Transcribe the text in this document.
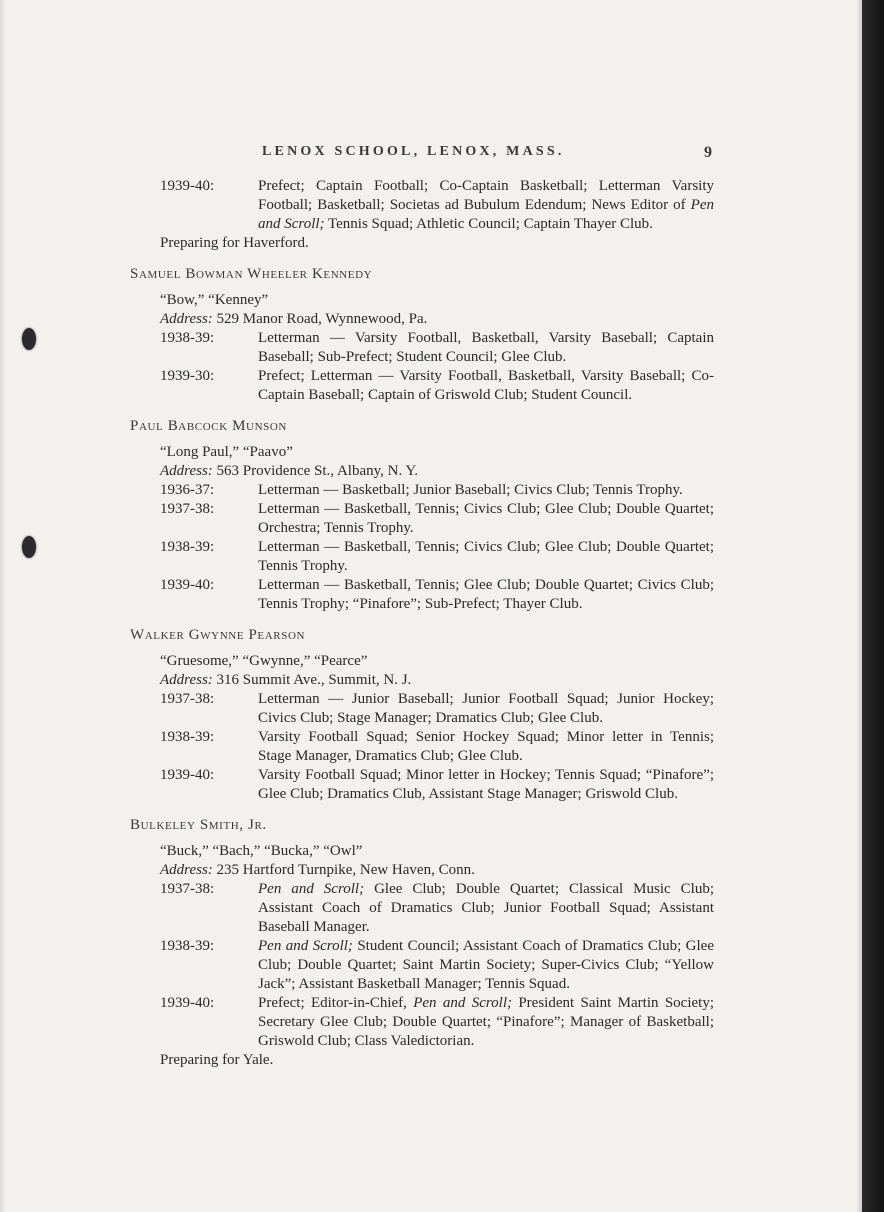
LENOX SCHOOL, LENOX, MASS.	9
1939-40:	Prefect; Captain Football; Co-Captain Basketball; Letterman Varsity Football; Basketball; Societas ad Bubulum Edendum; News Editor of Pen and Scroll; Tennis Squad; Athletic Council; Captain Thayer Club.
Preparing for Haverford.
Samuel Bowman Wheeler Kennedy
“Bow,” “Kenney”
Address: 529 Manor Road, Wynnewood, Pa.
1938-39:	Letterman — Varsity Football, Basketball, Varsity Baseball; Captain Baseball; Sub-Prefect; Student Council; Glee Club.
1939-30:	Prefect; Letterman — Varsity Football, Basketball, Varsity Baseball; Co-Captain Baseball; Captain of Griswold Club; Student Council.
Paul Babcock Munson
“Long Paul,” “Paavo”
Address: 563 Providence St., Albany, N. Y.
1936-37:	Letterman — Basketball; Junior Baseball; Civics Club; Tennis Trophy.
1937-38:	Letterman — Basketball, Tennis; Civics Club; Glee Club; Double Quartet; Orchestra; Tennis Trophy.
1938-39:	Letterman — Basketball, Tennis; Civics Club; Glee Club; Double Quartet; Tennis Trophy.
1939-40:	Letterman — Basketball, Tennis; Glee Club; Double Quartet; Civics Club; Tennis Trophy; “Pinafore”; Sub-Prefect; Thayer Club.
Walker Gwynne Pearson
“Gruesome,” “Gwynne,” “Pearce”
Address: 316 Summit Ave., Summit, N. J.
1937-38:	Letterman — Junior Baseball; Junior Football Squad; Junior Hockey; Civics Club; Stage Manager; Dramatics Club; Glee Club.
1938-39:	Varsity Football Squad; Senior Hockey Squad; Minor letter in Tennis; Stage Manager, Dramatics Club; Glee Club.
1939-40:	Varsity Football Squad; Minor letter in Hockey; Tennis Squad; “Pinafore”; Glee Club; Dramatics Club, Assistant Stage Manager; Griswold Club.
Bulkeley Smith, Jr.
“Buck,” “Bach,” “Bucka,” “Owl”
Address: 235 Hartford Turnpike, New Haven, Conn.
1937-38:	Pen and Scroll; Glee Club; Double Quartet; Classical Music Club; Assistant Coach of Dramatics Club; Junior Football Squad; Assistant Baseball Manager.
1938-39:	Pen and Scroll; Student Council; Assistant Coach of Dramatics Club; Glee Club; Double Quartet; Saint Martin Society; Super-Civics Club; “Yellow Jack”; Assistant Basketball Manager; Tennis Squad.
1939-40:	Prefect; Editor-in-Chief, Pen and Scroll; President Saint Martin Society; Secretary Glee Club; Double Quartet; “Pinafore”; Manager of Basketball; Griswold Club; Class Valedictorian.
Preparing for Yale.
